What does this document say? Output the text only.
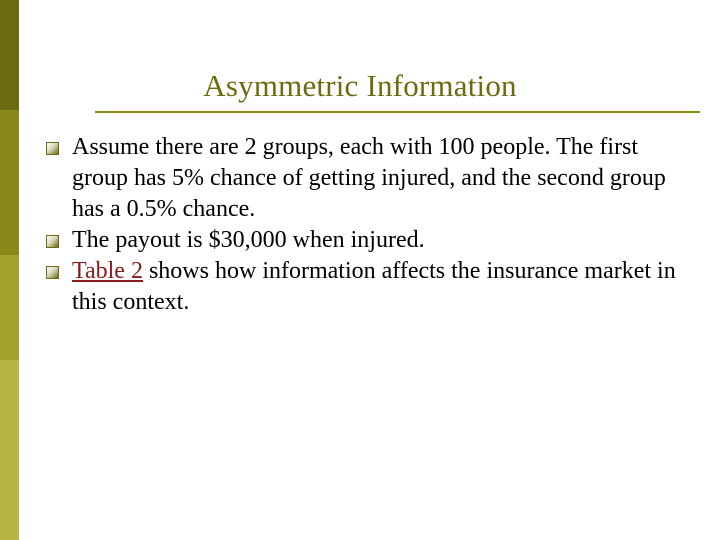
Asymmetric Information
Assume there are 2 groups, each with 100 people. The first group has 5% chance of getting injured, and the second group has a 0.5% chance.
The payout is $30,000 when injured.
Table 2 shows how information affects the insurance market in this context.
